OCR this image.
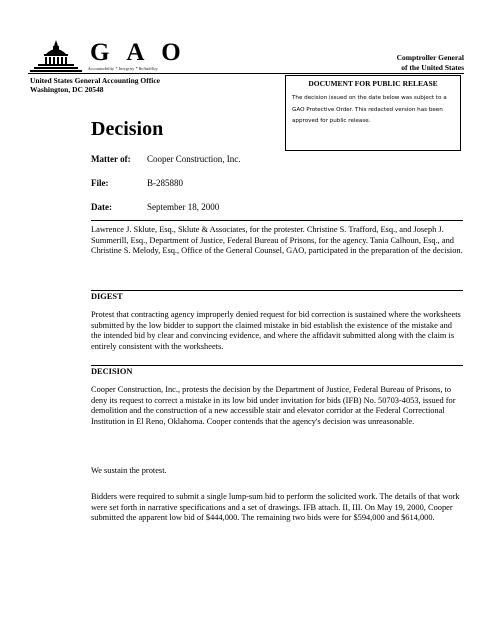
G A O
Accountability * Integrity * Reliability
Comptroller General
of the United States
United States General Accounting Office
Washington, DC 20548
DOCUMENT FOR PUBLIC RELEASE
The decision issued on the date below was subject to a GAO Protective Order. This redacted version has been approved for public release.
Decision
Matter of: Cooper Construction, Inc.
File:	B-285880
Date:	September 18, 2000
Lawrence J. Sklute, Esq., Sklute & Associates, for the protester. Christine S. Trafford, Esq., and Joseph J. Summerill, Esq., Department of Justice, Federal Bureau of Prisons, for the agency. Tania Calhoun, Esq., and Christine S. Melody, Esq., Office of the General Counsel, GAO, participated in the preparation of the decision.
DIGEST
Protest that contracting agency improperly denied request for bid correction is sustained where the worksheets submitted by the low bidder to support the claimed mistake in bid establish the existence of the mistake and the intended bid by clear and convincing evidence, and where the affidavit submitted along with the claim is entirely consistent with the worksheets.
DECISION
Cooper Construction, Inc., protests the decision by the Department of Justice, Federal Bureau of Prisons, to deny its request to correct a mistake in its low bid under invitation for bids (IFB) No. 50703-4053, issued for demolition and the construction of a new accessible stair and elevator corridor at the Federal Correctional Institution in El Reno, Oklahoma. Cooper contends that the agency's decision was unreasonable.
We sustain the protest.
Bidders were required to submit a single lump-sum bid to perform the solicited work. The details of that work were set forth in narrative specifications and a set of drawings. IFB attach. II, III. On May 19, 2000, Cooper submitted the apparent low bid of $444,000. The remaining two bids were for $594,000 and $614,000.
